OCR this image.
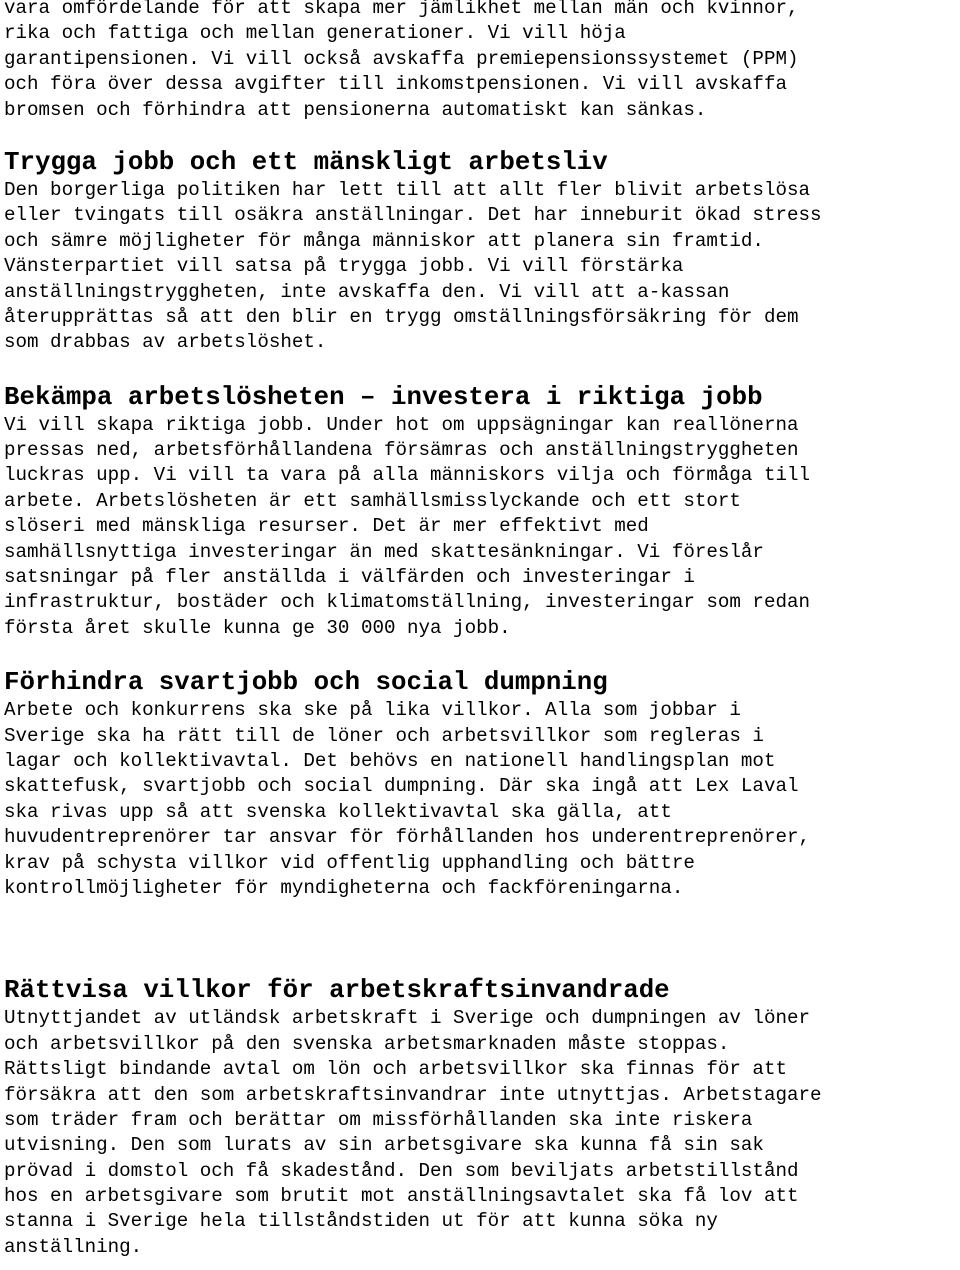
vara omfördelande för att skapa mer jämlikhet mellan män och kvinnor,
rika och fattiga och mellan generationer. Vi vill höja
garantipensionen. Vi vill också avskaffa premiepensionssystemet (PPM)
och föra över dessa avgifter till inkomstpensionen. Vi vill avskaffa
bromsen och förhindra att pensionerna automatiskt kan sänkas.
Trygga jobb och ett mänskligt arbetsliv
Den borgerliga politiken har lett till att allt fler blivit arbetslösa
eller tvingats till osäkra anställningar. Det har inneburit ökad stress
och sämre möjligheter för många människor att planera sin framtid.
Vänsterpartiet vill satsa på trygga jobb. Vi vill förstärka
anställningstryggheten, inte avskaffa den. Vi vill att a-kassan
återupprättas så att den blir en trygg omställningsförsäkring för dem
som drabbas av arbetslöshet.
Bekämpa arbetslösheten – investera i riktiga jobb
Vi vill skapa riktiga jobb. Under hot om uppsägningar kan reallönerna
pressas ned, arbetsförhållandena försämras och anställningstryggheten
luckras upp. Vi vill ta vara på alla människors vilja och förmåga till
arbete. Arbetslösheten är ett samhällsmisslyckande och ett stort
slöseri med mänskliga resurser. Det är mer effektivt med
samhällsnyttiga investeringar än med skattesänkningar. Vi föreslår
satsningar på fler anställda i välfärden och investeringar i
infrastruktur, bostäder och klimatomställning, investeringar som redan
första året skulle kunna ge 30 000 nya jobb.
Förhindra svartjobb och social dumpning
Arbete och konkurrens ska ske på lika villkor. Alla som jobbar i
Sverige ska ha rätt till de löner och arbetsvillkor som regleras i
lagar och kollektivavtal. Det behövs en nationell handlingsplan mot
skattefusk, svartjobb och social dumpning. Där ska ingå att Lex Laval
ska rivas upp så att svenska kollektivavtal ska gälla, att
huvudentreprenörer tar ansvar för förhållanden hos underentreprenörer,
krav på schysta villkor vid offentlig upphandling och bättre
kontrollmöjligheter för myndigheterna och fackföreningarna.
Rättvisa villkor för arbetskraftsinvandrade
Utnyttjandet av utländsk arbetskraft i Sverige och dumpningen av löner
och arbetsvillkor på den svenska arbetsmarknaden måste stoppas.
Rättsligt bindande avtal om lön och arbetsvillkor ska finnas för att
försäkra att den som arbetskraftsinvandrar inte utnyttjas. Arbetstagare
som träder fram och berättar om missförhållanden ska inte riskera
utvisning. Den som lurats av sin arbetsgivare ska kunna få sin sak
prövad i domstol och få skadestånd. Den som beviljats arbetstillstånd
hos en arbetsgivare som brutit mot anställningsavtalet ska få lov att
stanna i Sverige hela tillståndstiden ut för att kunna söka ny
anställning.
